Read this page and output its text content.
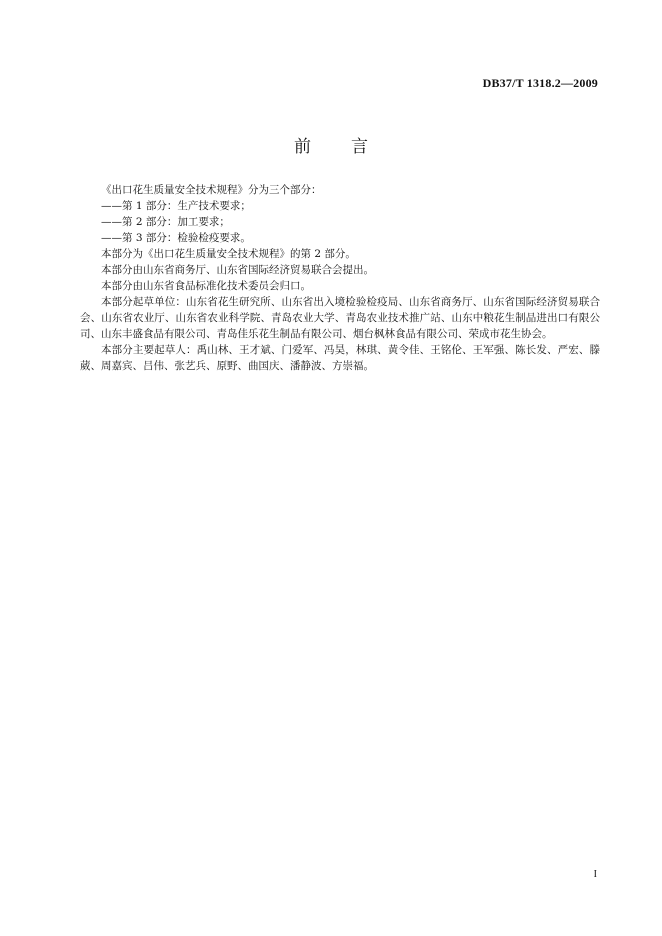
DB37/T 1318.2—2009
前言

《出口花生质量安全技术规程》分为三个部分：

——第 1 部分：生产技术要求；

——第 2 部分：加工要求；

——第 3 部分：检验检疫要求。

本部分为《出口花生质量安全技术规程》的第 2 部分。

本部分由山东省商务厅、山东省国际经济贸易联合会提出。

本部分由山东省食品标准化技术委员会归口。

本部分起草单位：山东省花生研究所、山东省出入境检验检疫局、山东省商务厅、山东省国际经济贸易联合会、山东省农业厅、山东省农业科学院、青岛农业大学、青岛农业技术推广站、山东中粮花生制品进出口有限公司、山东丰盛食品有限公司、青岛佳乐花生制品有限公司、烟台枫林食品有限公司、荣成市花生协会。

本部分主要起草人：禹山林、王才斌、门爱军、冯昊，林琪、黄令佳、王铭伦、王军强、陈长发、严宏、滕葳、周嘉宾、吕伟、张艺兵、原野、曲国庆、潘静波、方崇福。

I
